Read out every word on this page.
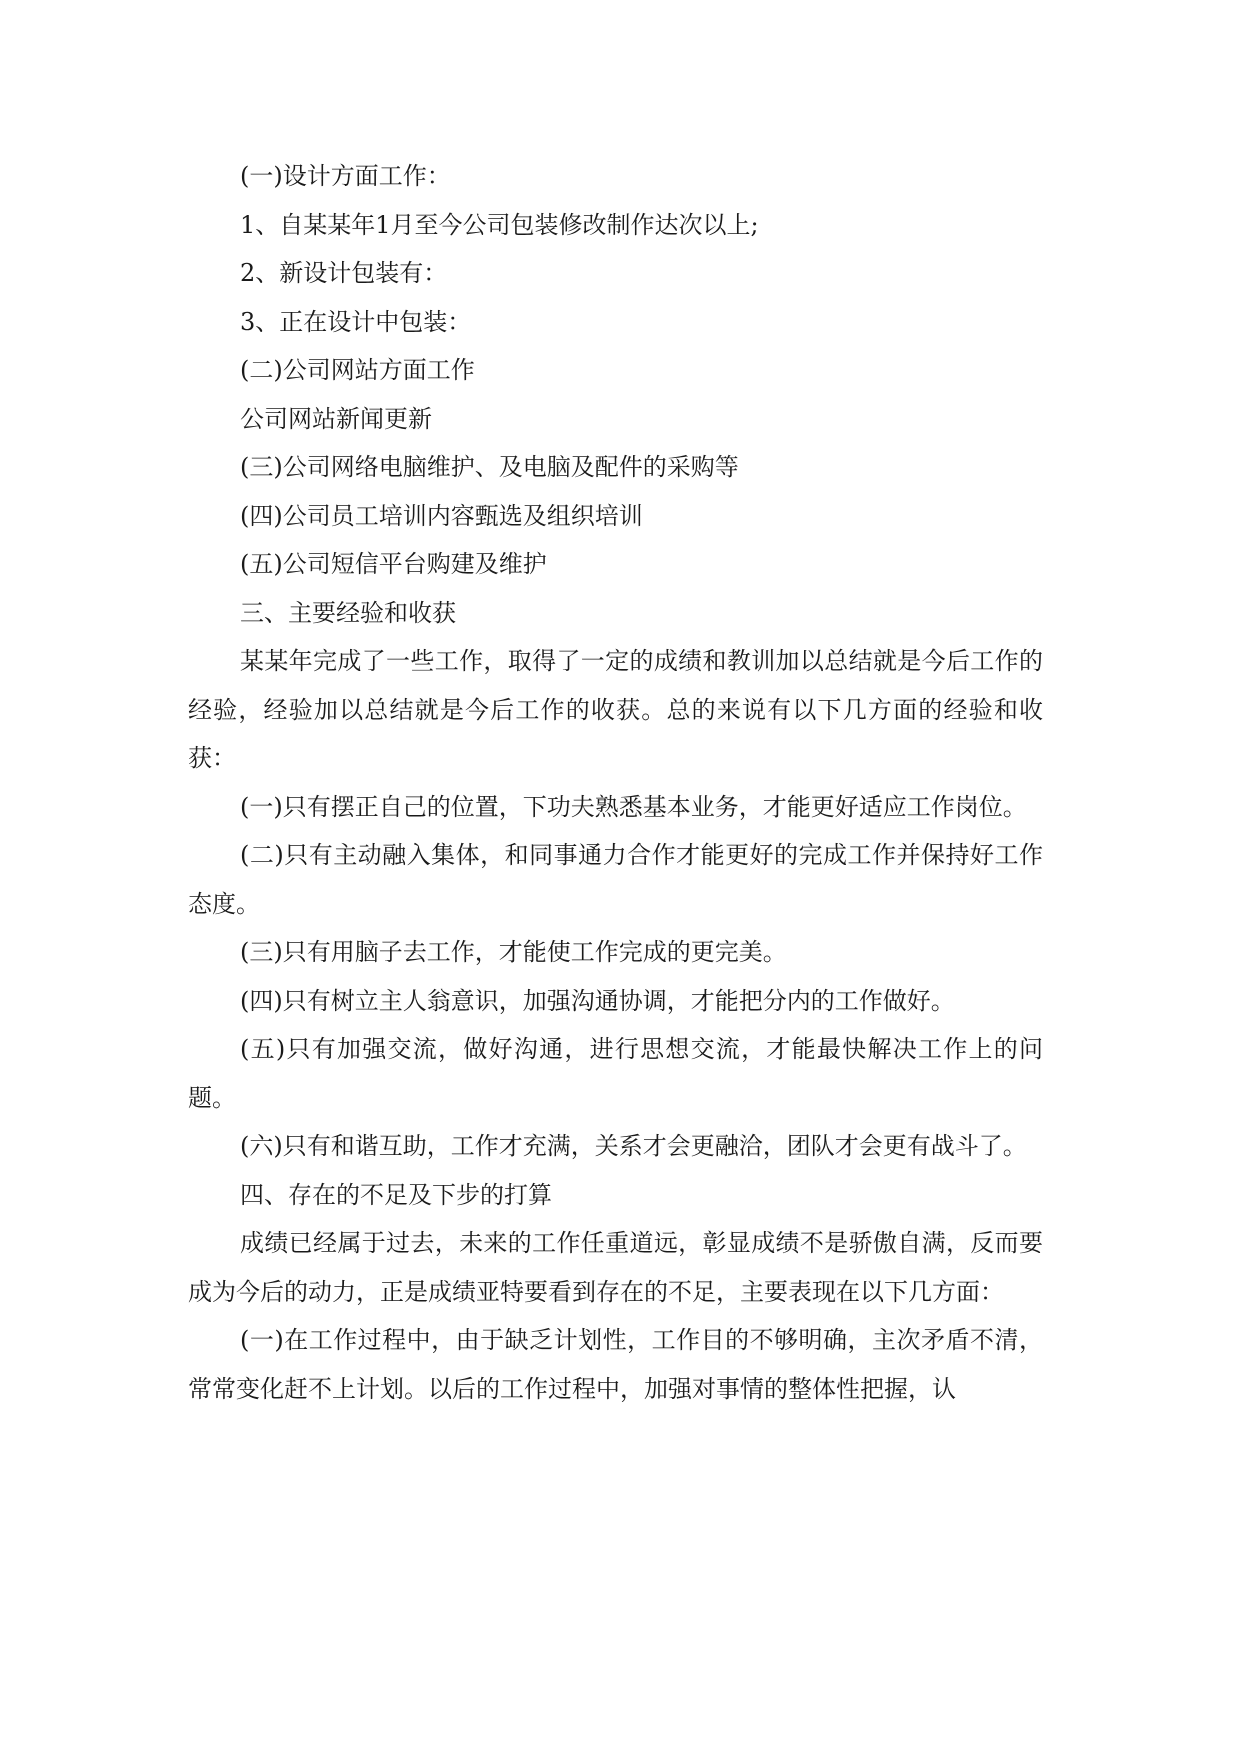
(一)设计方面工作：

1、自某某年1月至今公司包装修改制作达次以上;

2、新设计包装有：

3、正在设计中包装：

(二)公司网站方面工作

公司网站新闻更新

(三)公司网络电脑维护、及电脑及配件的采购等

(四)公司员工培训内容甄选及组织培训

(五)公司短信平台购建及维护

三、主要经验和收获

某某年完成了一些工作，取得了一定的成绩和教训加以总结就是今后工作的经验，经验加以总结就是今后工作的收获。总的来说有以下几方面的经验和收获：

(一)只有摆正自己的位置，下功夫熟悉基本业务，才能更好适应工作岗位。

(二)只有主动融入集体，和同事通力合作才能更好的完成工作并保持好工作态度。

(三)只有用脑子去工作，才能使工作完成的更完美。

(四)只有树立主人翁意识，加强沟通协调，才能把分内的工作做好。

(五)只有加强交流，做好沟通，进行思想交流，才能最快解决工作上的问题。

(六)只有和谐互助，工作才充满，关系才会更融洽，团队才会更有战斗了。

四、存在的不足及下步的打算

成绩已经属于过去，未来的工作任重道远，彰显成绩不是骄傲自满，反而要成为今后的动力，正是成绩亚特要看到存在的不足，主要表现在以下几方面：

(一)在工作过程中，由于缺乏计划性，工作目的不够明确，主次矛盾不清，常常变化赶不上计划。以后的工作过程中，加强对事情的整体性把握，认
